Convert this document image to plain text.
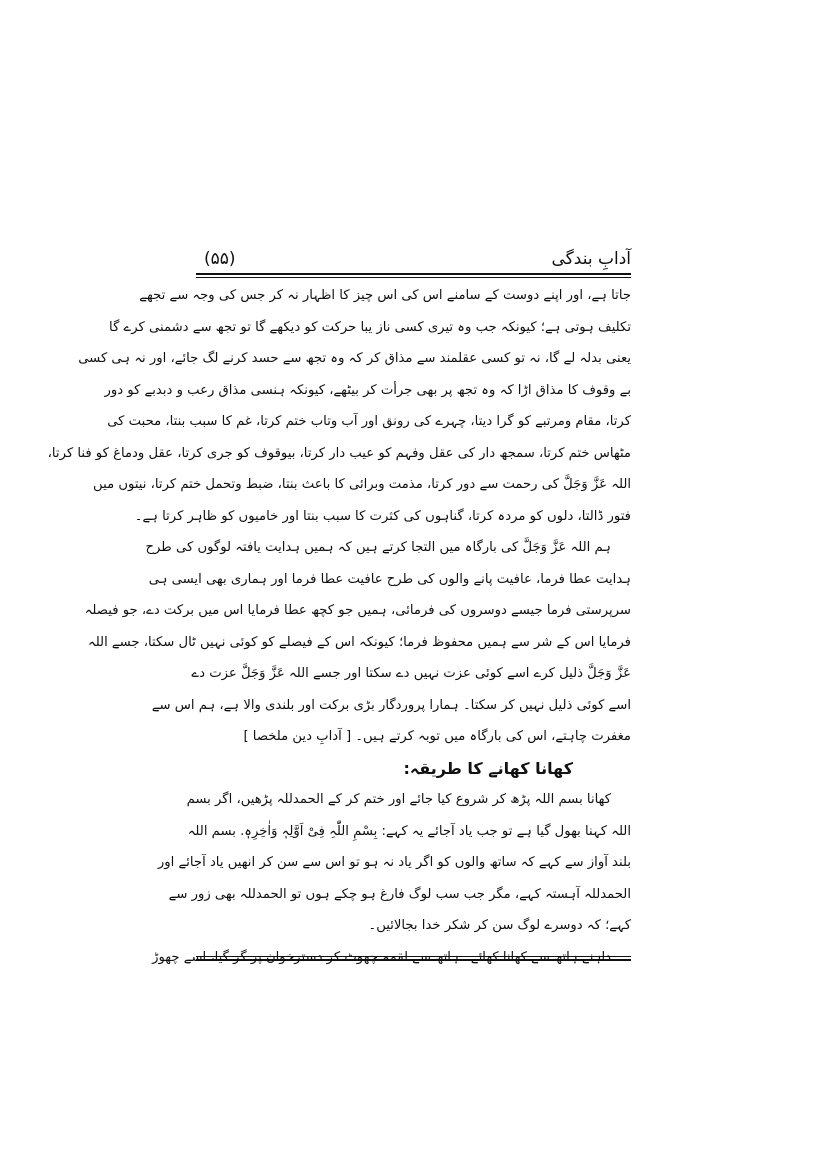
آدابِ بندگی
(۵۵)
جاتا ہے، اور اپنے دوست کے سامنے اس کی اس چیز کا اظہار نہ کر جس کی وجہ سے تجھے
تکلیف ہوتی ہے؛ کیونکہ جب وہ تیری کسی ناز یبا حرکت کو دیکھے گا تو تجھ سے دشمنی کرے گا
یعنی بدلہ لے گا، نہ تو کسی عقلمند سے مذاق کر کہ وہ تجھ سے حسد کرنے لگ جائے، اور نہ ہی کسی
بے وقوف کا مذاق اڑا کہ وہ تجھ پر بھی جرأت کر بیٹھے، کیونکہ ہنسی مذاق رعب و دبدبے کو دور
کرتا، مقام ومرتبے کو گرا دیتا، چہرے کی رونق اور آب وتاب ختم کرتا، غم کا سبب بنتا، محبت کی
مٹھاس ختم کرتا، سمجھ دار کی عقل وفہم کو عیب دار کرتا، بیوقوف کو جری کرتا، عقل ودماغ کو فنا کرتا،
اللہ عَزَّ وَجَلَّ کی رحمت سے دور کرتا، مذمت وبرائی کا باعث بنتا، ضبط وتحمل ختم کرتا، نیتوں میں
فتور ڈالتا، دلوں کو مردہ کرتا، گناہوں کی کثرت کا سبب بنتا اور خامیوں کو ظاہر کرتا ہے۔
ہم اللہ عَزَّ وَجَلَّ کی بارگاہ میں التجا کرتے ہیں کہ ہمیں ہدایت یافتہ لوگوں کی طرح
ہدایت عطا فرما، عافیت پانے والوں کی طرح عافیت عطا فرما اور ہماری بھی ایسی ہی
سرپرستی فرما جیسے دوسروں کی فرمائی، ہمیں جو کچھ عطا فرمایا اس میں برکت دے، جو فیصلہ
فرمایا اس کے شر سے ہمیں محفوظ فرما؛ کیونکہ اس کے فیصلے کو کوئی نہیں ٹال سکتا، جسے اللہ
عَزَّ وَجَلَّ ذلیل کرے اسے کوئی عزت نہیں دے سکتا اور جسے اللہ عَزَّ وَجَلَّ عزت دے
اسے کوئی ذلیل نہیں کر سکتا۔ ہمارا پروردگار بڑی برکت اور بلندی والا ہے، ہم اس سے
مغفرت چاہتے، اس کی بارگاہ میں توبہ کرتے ہیں۔ [ آدابِ دین ملخصا ]
کھانا کھانے کا طریقہ:
کھانا بسم اللہ پڑھ کر شروع کیا جائے اور ختم کر کے الحمدللہ پڑھیں، اگر بسم
اللہ کہنا بھول گیا ہے تو جب یاد آجائے یہ کہے: بِسْمِ اللّٰہِ فِیْ اَوَّلِہٖ وَاٰخِرِہٖ. بسم اللہ
بلند آواز سے کہے کہ ساتھ والوں کو اگر یاد نہ ہو تو اس سے سن کر انھیں یاد آجائے اور
الحمدللہ آہستہ کہے، مگر جب سب لوگ فارغ ہو چکے ہوں تو الحمدللہ بھی زور سے
کہے؛ کہ دوسرے لوگ سن کر شکر خدا بجالائیں۔
داہنے ہاتھ سے کھانا کھائے۔ ہاتھ سے لقمہ چھوٹ کر دسترخوان پر گر گیا، اسے چھوڑ
